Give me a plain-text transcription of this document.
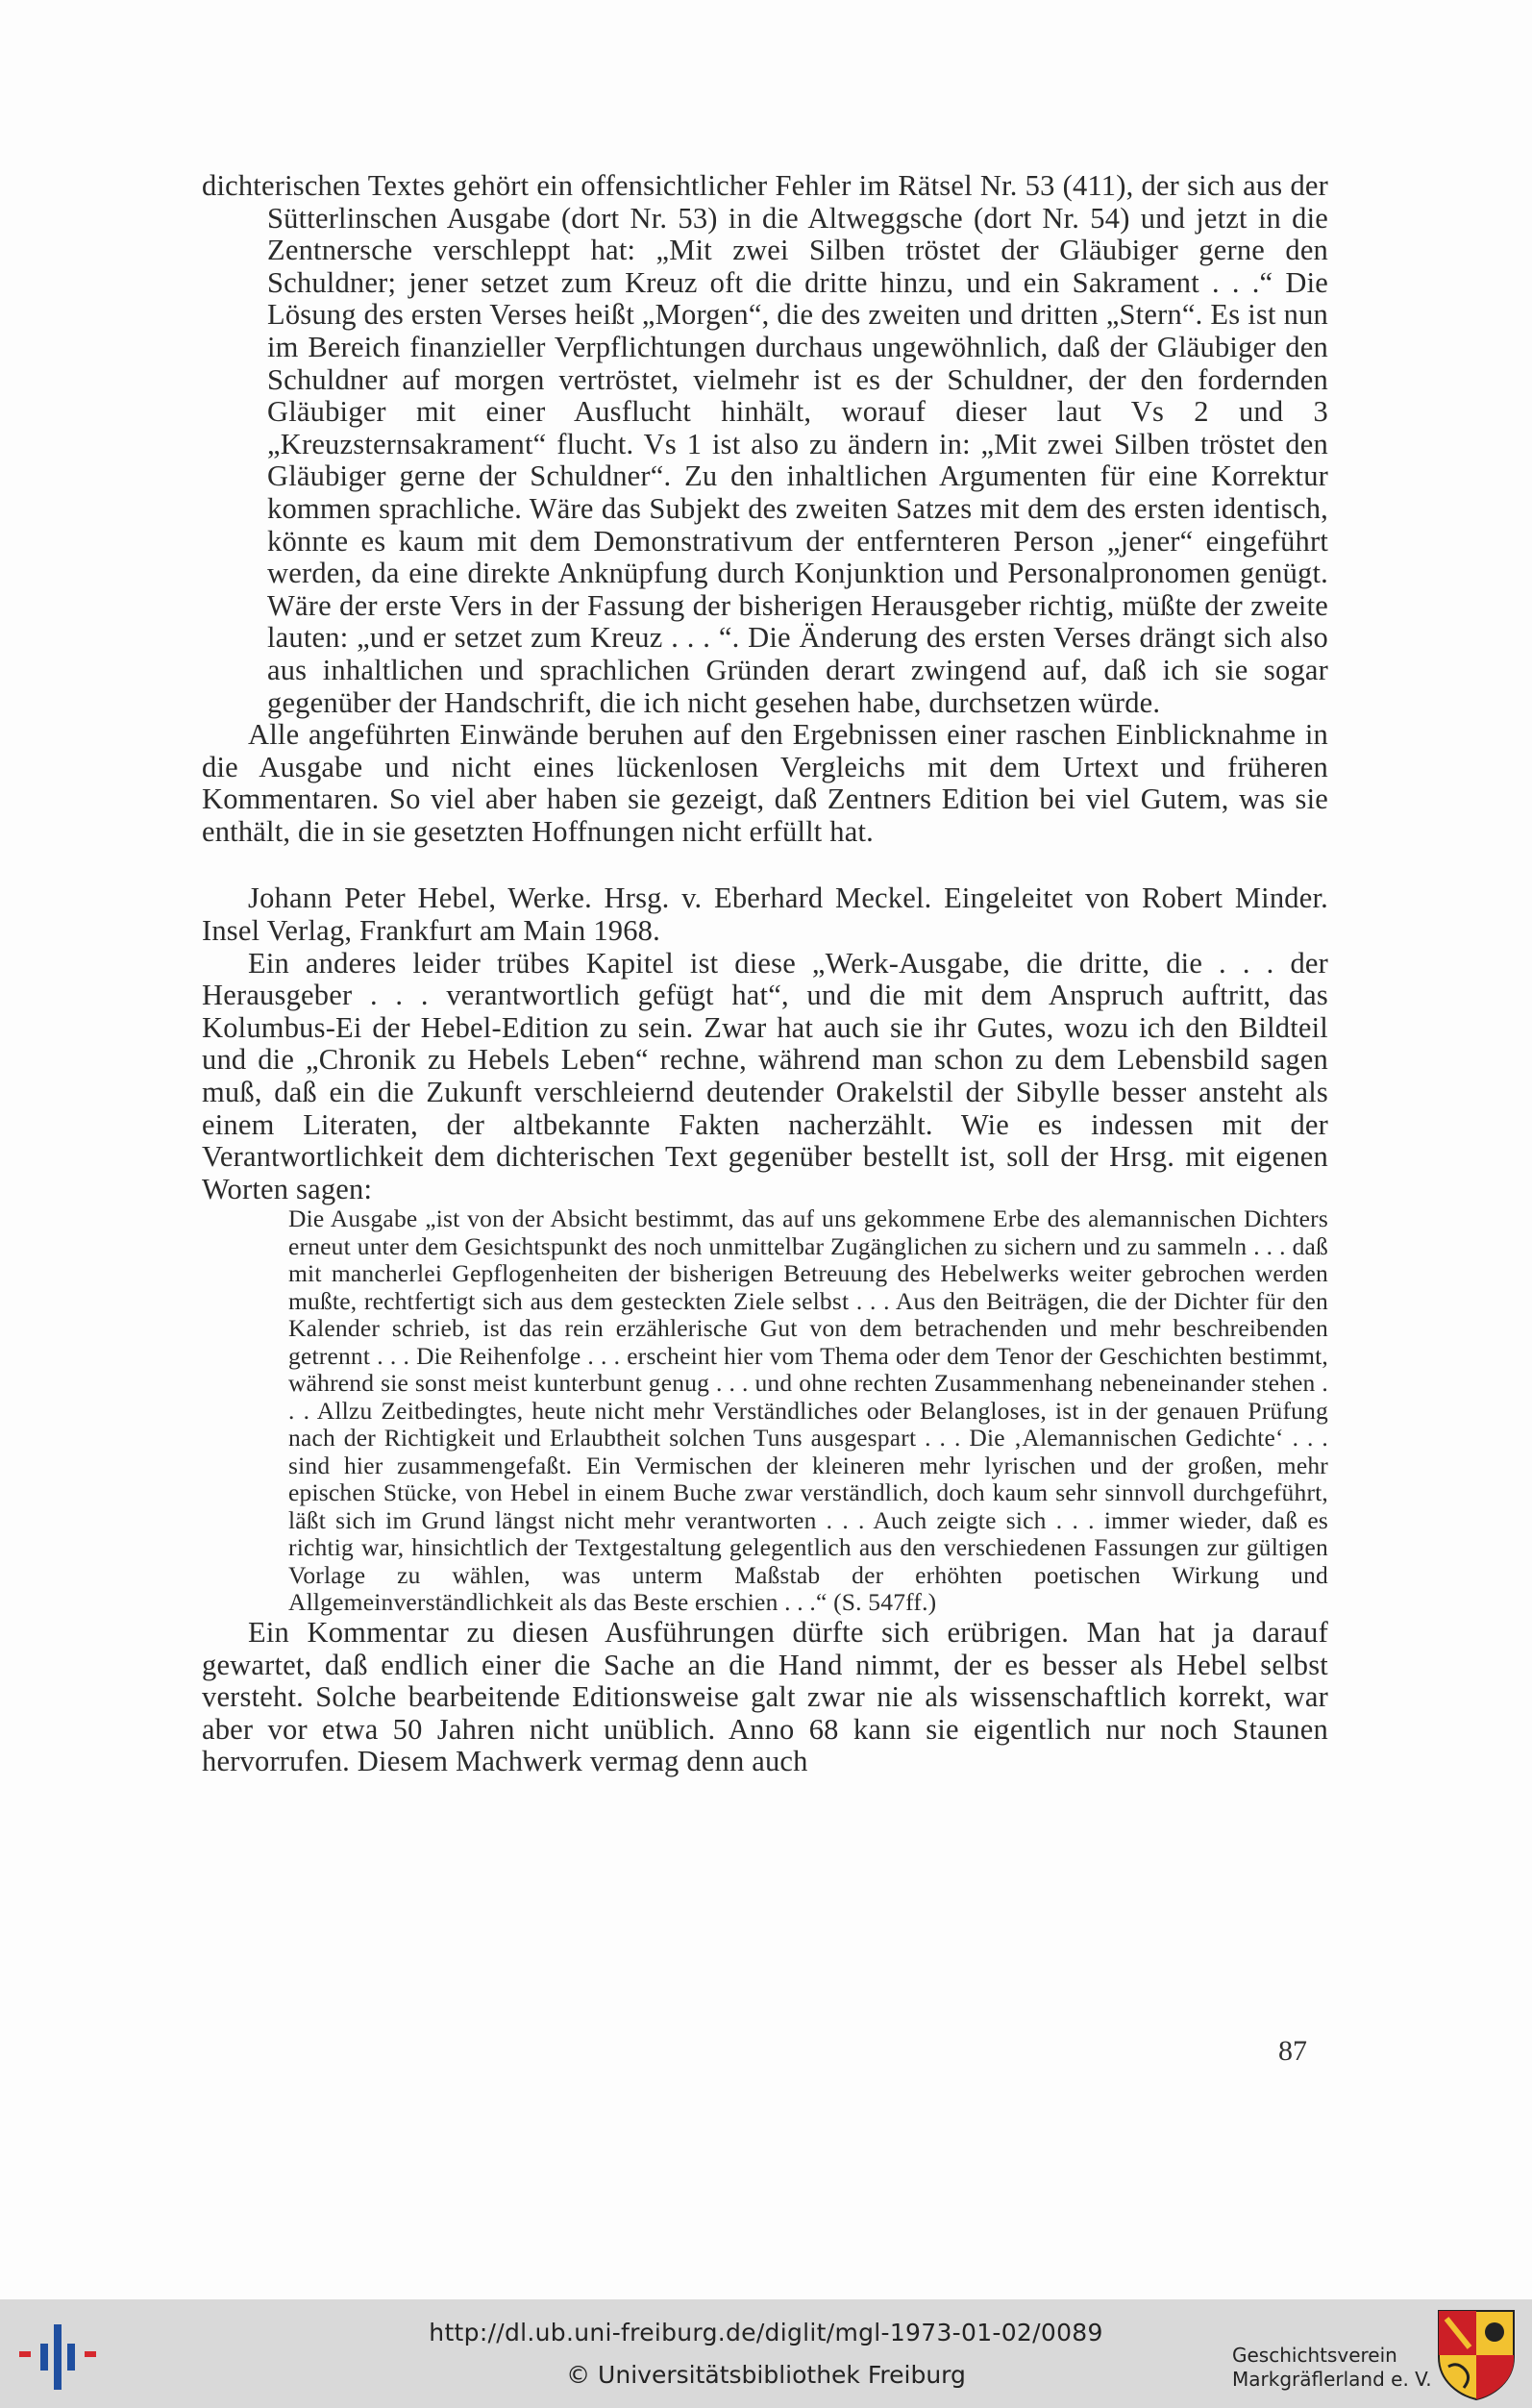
dichterischen Textes gehört ein offensichtlicher Fehler im Rätsel Nr. 53 (411), der sich aus der Sütterlinschen Ausgabe (dort Nr. 53) in die Altweggsche (dort Nr. 54) und jetzt in die Zentnersche verschleppt hat: „Mit zwei Silben tröstet der Gläubiger gerne den Schuldner; jener setzet zum Kreuz oft die dritte hinzu, und ein Sakrament . . .“ Die Lösung des ersten Verses heißt „Morgen“, die des zweiten und dritten „Stern“. Es ist nun im Bereich finanzieller Verpflichtungen durchaus ungewöhnlich, daß der Gläubiger den Schuldner auf morgen vertröstet, vielmehr ist es der Schuldner, der den fordernden Gläubiger mit einer Ausflucht hinhält, worauf dieser laut Vs 2 und 3 „Kreuzsternsakrament“ flucht. Vs 1 ist also zu ändern in: „Mit zwei Silben tröstet den Gläubiger gerne der Schuldner“. Zu den inhaltlichen Argumenten für eine Korrektur kommen sprachliche. Wäre das Subjekt des zweiten Satzes mit dem des ersten identisch, könnte es kaum mit dem Demonstrativum der entfernteren Person „jener“ eingeführt werden, da eine direkte Anknüpfung durch Konjunktion und Personalpronomen genügt. Wäre der erste Vers in der Fassung der bisherigen Herausgeber richtig, müßte der zweite lauten: „und er setzet zum Kreuz . . . “. Die Änderung des ersten Verses drängt sich also aus inhaltlichen und sprachlichen Gründen derart zwingend auf, daß ich sie sogar gegenüber der Handschrift, die ich nicht gesehen habe, durchsetzen würde.

Alle angeführten Einwände beruhen auf den Ergebnissen einer raschen Einblicknahme in die Ausgabe und nicht eines lückenlosen Vergleichs mit dem Urtext und früheren Kommentaren. So viel aber haben sie gezeigt, daß Zentners Edition bei viel Gutem, was sie enthält, die in sie gesetzten Hoffnungen nicht erfüllt hat.

Johann Peter Hebel, Werke. Hrsg. v. Eberhard Meckel. Eingeleitet von Robert Minder. Insel Verlag, Frankfurt am Main 1968.

Ein anderes leider trübes Kapitel ist diese „Werk-Ausgabe, die dritte, die . . . der Herausgeber . . . verantwortlich gefügt hat“, und die mit dem Anspruch auftritt, das Kolumbus-Ei der Hebel-Edition zu sein. Zwar hat auch sie ihr Gutes, wozu ich den Bildteil und die „Chronik zu Hebels Leben“ rechne, während man schon zu dem Lebensbild sagen muß, daß ein die Zukunft verschleiernd deutender Orakelstil der Sibylle besser ansteht als einem Literaten, der altbekannte Fakten nacherzählt. Wie es indessen mit der Verantwortlichkeit dem dichterischen Text gegenüber bestellt ist, soll der Hrsg. mit eigenen Worten sagen:

Die Ausgabe „ist von der Absicht bestimmt, das auf uns gekommene Erbe des alemannischen Dichters erneut unter dem Gesichtspunkt des noch unmittelbar Zugänglichen zu sichern und zu sammeln . . . daß mit mancherlei Gepflogenheiten der bisherigen Betreuung des Hebelwerks weiter gebrochen werden mußte, rechtfertigt sich aus dem gesteckten Ziele selbst . . . Aus den Beiträgen, die der Dichter für den Kalender schrieb, ist das rein erzählerische Gut von dem betrachenden und mehr beschreibenden getrennt . . . Die Reihenfolge . . . erscheint hier vom Thema oder dem Tenor der Geschichten bestimmt, während sie sonst meist kunterbunt genug . . . und ohne rechten Zusammenhang nebeneinander stehen . . . Allzu Zeitbedingtes, heute nicht mehr Verständliches oder Belangloses, ist in der genauen Prüfung nach der Richtigkeit und Erlaubtheit solchen Tuns ausgespart . . . Die ‚Alemannischen Gedichte‘ . . . sind hier zusammengefaßt. Ein Vermischen der kleineren mehr lyrischen und der großen, mehr epischen Stücke, von Hebel in einem Buche zwar verständlich, doch kaum sehr sinnvoll durchgeführt, läßt sich im Grund längst nicht mehr verantworten . . . Auch zeigte sich . . . immer wieder, daß es richtig war, hinsichtlich der Textgestaltung gelegentlich aus den verschiedenen Fassungen zur gültigen Vorlage zu wählen, was unterm Maßstab der erhöhten poetischen Wirkung und Allgemeinverständlichkeit als das Beste erschien . . .“ (S. 547ff.)

Ein Kommentar zu diesen Ausführungen dürfte sich erübrigen. Man hat ja darauf gewartet, daß endlich einer die Sache an die Hand nimmt, der es besser als Hebel selbst versteht. Solche bearbeitende Editionsweise galt zwar nie als wissenschaftlich korrekt, war aber vor etwa 50 Jahren nicht unüblich. Anno 68 kann sie eigentlich nur noch Staunen hervorrufen. Diesem Machwerk vermag denn auch

87
http://dl.ub.uni-freiburg.de/diglit/mgl-1973-01-02/0089
© Universitätsbibliothek Freiburg
Geschichtsverein
Markgräflerland e. V.
